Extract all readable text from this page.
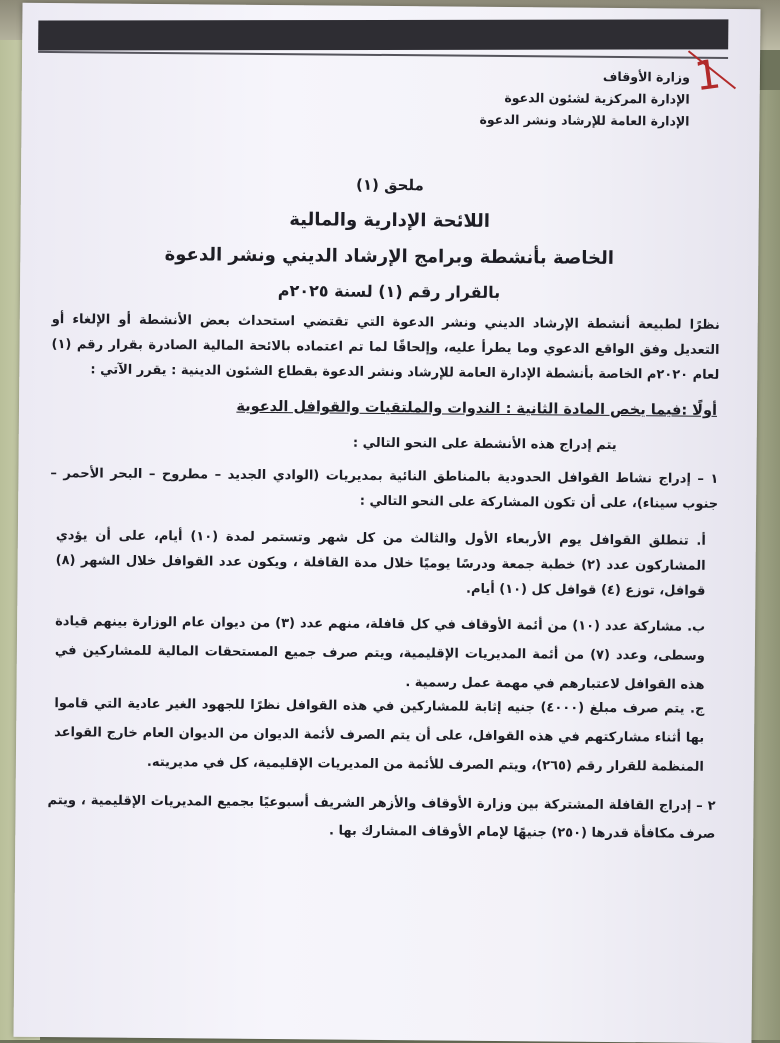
1
وزارة الأوقاف
الإدارة المركزية لشئون الدعوة
الإدارة العامة للإرشاد ونشر الدعوة
ملحق (١)
اللائحة الإدارية والمالية
الخاصة بأنشطة وبرامج الإرشاد الديني ونشر الدعوة
بالقرار رقم (١) لسنة ٢٠٢٥م
نظرًا لطبيعة أنشطة الإرشاد الديني ونشر الدعوة التي تقتضي استحداث بعض الأنشطة أو الإلغاء أو التعديل وفق الواقع الدعوي وما يطرأ عليه، وإلحاقًا لما تم اعتماده بالائحة المالية الصادرة بقرار رقم (١) لعام ٢٠٢٠م الخاصة بأنشطة الإدارة العامة للإرشاد ونشر الدعوة بقطاع الشئون الدينية : يقرر الآتي :
أولًا :فيما يخص المادة الثانية : الندوات والملتقيات والقوافل الدعوية
يتم إدراج هذه الأنشطة على النحو التالي :
١ – إدراج نشاط القوافل الحدودية بالمناطق النائية بمديريات (الوادي الجديد – مطروح – البحر الأحمر – جنوب سيناء)، على أن تكون المشاركة على النحو التالي :
أ. تنطلق القوافل يوم الأربعاء الأول والثالث من كل شهر وتستمر لمدة (١٠) أيام، على أن يؤدي المشاركون عدد (٢) خطبة جمعة ودرسًا يوميًا خلال مدة القافلة ، ويكون عدد القوافل خلال الشهر (٨) قوافل، توزع (٤) قوافل كل (١٠) أيام.
ب. مشاركة عدد (١٠) من أئمة الأوقاف في كل قافلة، منهم عدد (٣) من ديوان عام الوزارة بينهم قيادة وسطى، وعدد (٧) من أئمة المديريات الإقليمية، ويتم صرف جميع المستحقات المالية للمشاركين في هذه القوافل لاعتبارهم في مهمة عمل رسمية .
ج. يتم صرف مبلغ (٤٠٠٠) جنيه إثابة للمشاركين في هذه القوافل نظرًا للجهود الغير عادية التي قاموا بها أثناء مشاركتهم في هذه القوافل، على أن يتم الصرف لأئمة الديوان من الديوان العام خارج القواعد المنظمة للقرار رقم (٢٦٥)، ويتم الصرف للأئمة من المديريات الإقليمية، كل في مديريته.
٢ – إدراج القافلة المشتركة بين وزارة الأوقاف والأزهر الشريف أسبوعيًا بجميع المديريات الإقليمية ، ويتم صرف مكافأة قدرها (٢٥٠) جنيهًا لإمام الأوقاف المشارك بها .
